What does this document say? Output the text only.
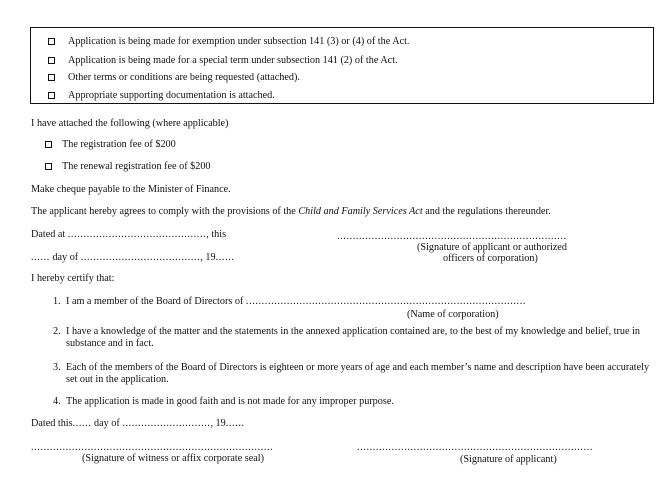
Application is being made for exemption under subsection 141 (3) or (4) of the Act.
Application is being made for a special term under subsection 141 (2) of the Act.
Other terms or conditions are being requested (attached).
Appropriate supporting documentation is attached.
I have attached the following (where applicable)
The registration fee of $200
The renewal registration fee of $200
Make cheque payable to the Minister of Finance.
The applicant hereby agrees to comply with the provisions of the Child and Family Services Act and the regulations thereunder.
Dated at ............................................, this	.........................................................................
...... day of ......................................, 19......
(Signature of applicant or authorized
officers of corporation)
I hereby certify that:
1. I am a member of the Board of Directors of .........................................................................................
(Name of corporation)
2. I have a knowledge of the matter and the statements in the annexed application contained are, to the best of my knowledge and belief, true in
substance and in fact.
3. Each of the members of the Board of Directors is eighteen or more years of age and each member’s name and description have been accurately
set out in the application.
4. The application is made in good faith and is not made for any improper purpose.
Dated this...... day of ............................, 19......
.............................................................................
(Signature of witness or affix corporate seal)
...........................................................................
(Signature of applicant)
